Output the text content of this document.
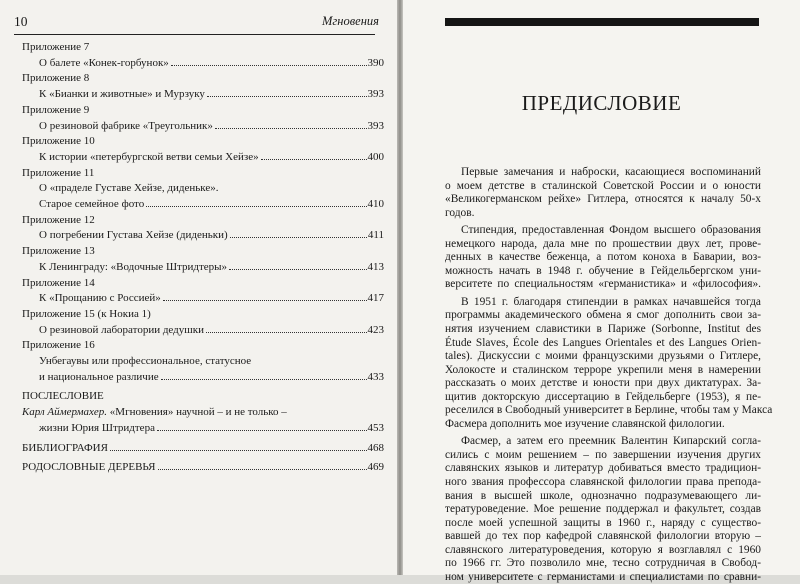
10	Мгновения
Приложение 7
О балете «Конек-горбунок»	390
Приложение 8
К «Бианки и животные» и Мурзуку	393
Приложение 9
О резиновой фабрике «Треугольник»	393
Приложение 10
К истории «петербургской ветви семьи Хейзе»	400
Приложение 11
О «праделе Густаве Хейзе, диденьке».
Старое семейное фото	410
Приложение 12
О погребении Густава Хейзе (диденьки)	411
Приложение 13
К Ленинграду: «Водочные Штридтеры»	413
Приложение 14
К «Прощанию с Россией»	417
Приложение 15 (к Нокиа 1)
О резиновой лаборатории дедушки	423
Приложение 16
Унбегаувы или профессиональное, статусное
и национальное различие	433
ПОСЛЕСЛОВИЕ
Карл Аймермахер. «Мгновения» научной – и не только –
жизни Юрия Штридтера	453
БИБЛИОГРАФИЯ	468
РОДОСЛОВНЫЕ ДЕРЕВЬЯ	469
ПРЕДИСЛОВИЕ
Первые замечания и наброски, касающиеся воспоминаний
о моем детстве в сталинской Советской России и о юности
«Великогерманском рейхе» Гитлера, относятся к началу 50-х
годов.
Стипендия, предоставленная Фондом высшего образования
немецкого народа, дала мне по прошествии двух лет, прове-
денных в качестве беженца, а потом коноха в Баварии, воз-
можность начать в 1948 г. обучение в Гейдельбергском уни-
верситете по специальностям «германистика» и «философия».
В 1951 г. благодаря стипендии в рамках начавшейся тогда
программы академического обмена я смог дополнить свои за-
нятия изучением славистики в Париже (Sorbonne, Institut des
Étude Slaves, École des Langues Orientales et des Langues Orien-
tales). Дискуссии с моими французскими друзьями о Гитлере,
Холокосте и сталинском терроре укрепили меня в намерении
рассказать о моих детстве и юности при двух диктатурах. За-
щитив докторскую диссертацию в Гейдельберге (1953), я пе-
реселился в Свободный университет в Берлине, чтобы там у Макса
Фасмера дополнить мое изучение славянской филологии.
Фасмер, а затем его преемник Валентин Кипарский согла-
сились с моим решением – по завершении изучения других
славянских языков и литератур добиваться вместо традицион-
ного звания профессора славянской филологии права препода-
вания в высшей школе, однозначно подразумевающего ли-
тературоведение. Мое решение поддержал и факультет, создав
после моей успешной защиты в 1960 г., наряду с существо-
вавшей до тех пор кафедрой славянской филологии вторую –
славянского литературоведения, которую я возглавлял с 1960
по 1966 гг. Это позволило мне, тесно сотрудничая в Свобод-
ном университете с германистами и специалистами по сравни-
